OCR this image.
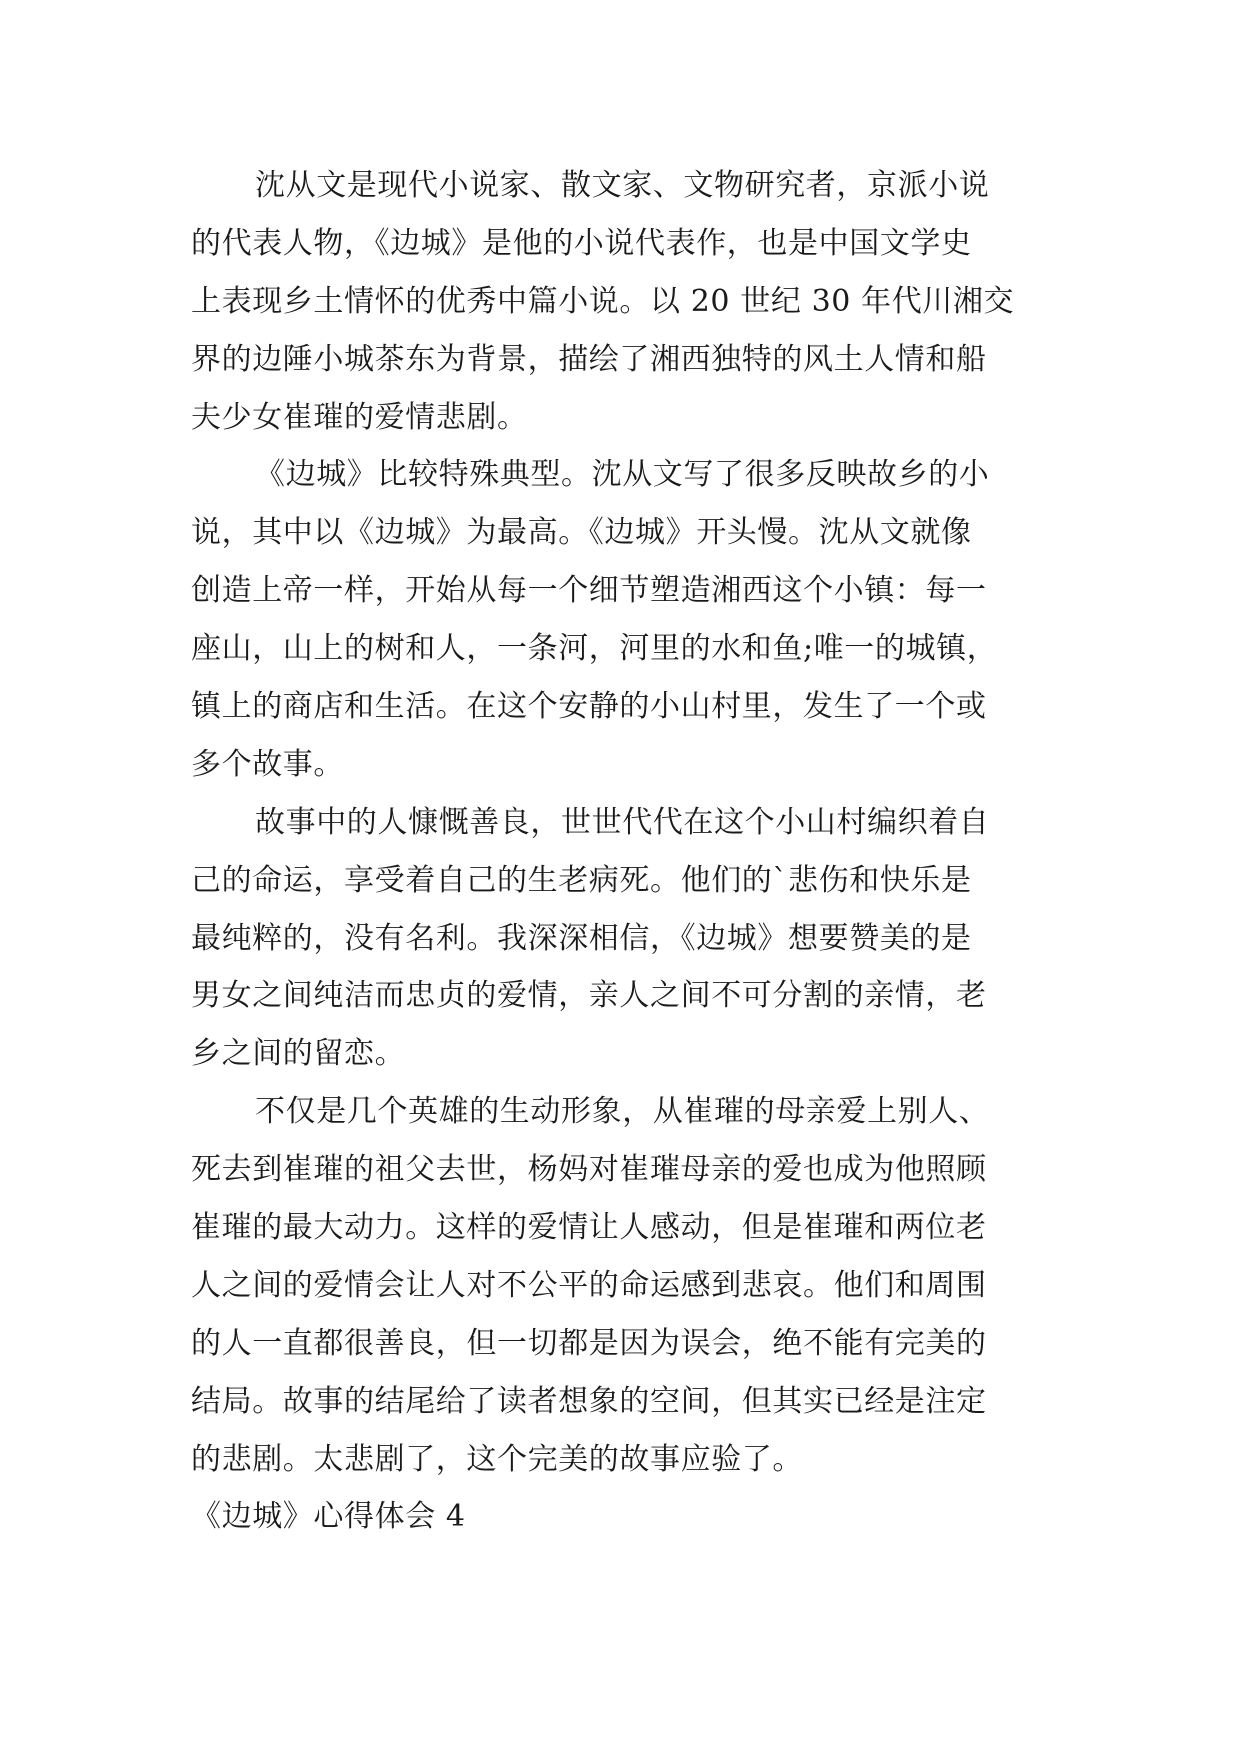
沈从文是现代小说家、散文家、文物研究者，京派小说
的代表人物，《边城》是他的小说代表作，也是中国文学史
上表现乡土情怀的优秀中篇小说。以 20 世纪 30 年代川湘交
界的边陲小城茶东为背景，描绘了湘西独特的风土人情和船
夫少女崔璀的爱情悲剧。
《边城》比较特殊典型。沈从文写了很多反映故乡的小
说，其中以《边城》为最高。《边城》开头慢。沈从文就像
创造上帝一样，开始从每一个细节塑造湘西这个小镇：每一
座山，山上的树和人，一条河，河里的水和鱼;唯一的城镇，
镇上的商店和生活。在这个安静的小山村里，发生了一个或
多个故事。
故事中的人慷慨善良，世世代代在这个小山村编织着自
己的命运，享受着自己的生老病死。他们的`悲伤和快乐是
最纯粹的，没有名利。我深深相信，《边城》想要赞美的是
男女之间纯洁而忠贞的爱情，亲人之间不可分割的亲情，老
乡之间的留恋。
不仅是几个英雄的生动形象，从崔璀的母亲爱上别人、
死去到崔璀的祖父去世，杨妈对崔璀母亲的爱也成为他照顾
崔璀的最大动力。这样的爱情让人感动，但是崔璀和两位老
人之间的爱情会让人对不公平的命运感到悲哀。他们和周围
的人一直都很善良，但一切都是因为误会，绝不能有完美的
结局。故事的结尾给了读者想象的空间，但其实已经是注定
的悲剧。太悲剧了，这个完美的故事应验了。
《边城》心得体会 4
